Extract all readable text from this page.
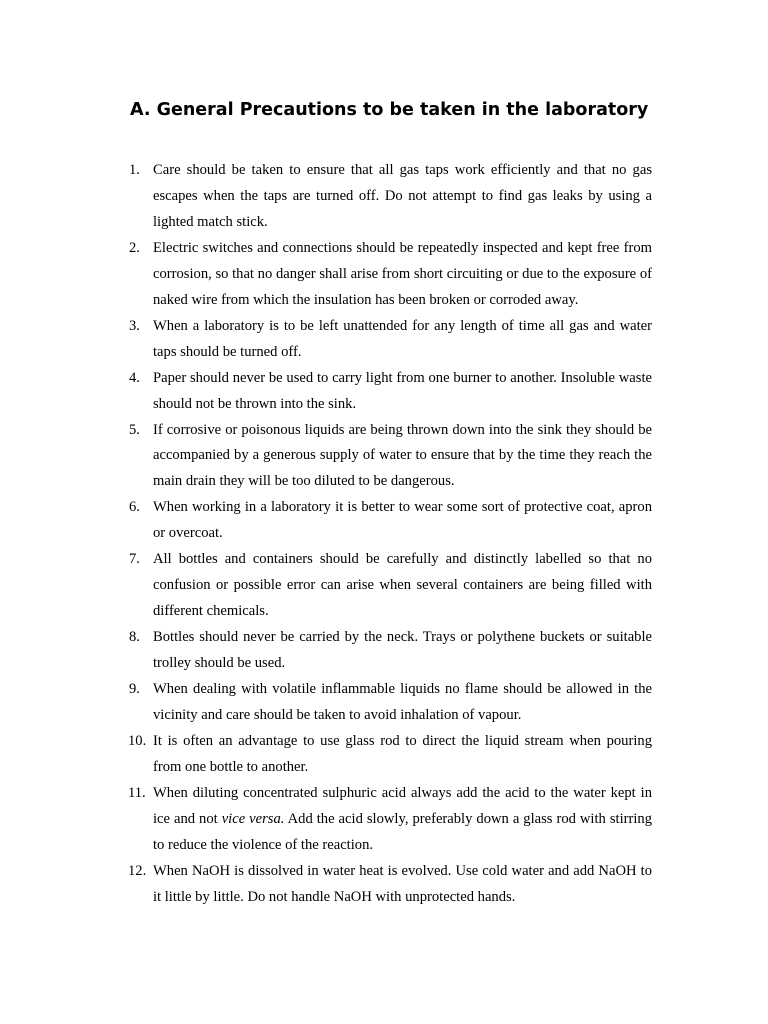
A. General Precautions to be taken in the laboratory
1. Care should be taken to ensure that all gas taps work efficiently and that no gas escapes when the taps are turned off. Do not attempt to find gas leaks by using a lighted match stick.
2. Electric switches and connections should be repeatedly inspected and kept free from corrosion, so that no danger shall arise from short circuiting or due to the exposure of naked wire from which the insulation has been broken or corroded away.
3. When a laboratory is to be left unattended for any length of time all gas and water taps should be turned off.
4. Paper should never be used to carry light from one burner to another. Insoluble waste should not be thrown into the sink.
5. If corrosive or poisonous liquids are being thrown down into the sink they should be accompanied by a generous supply of water to ensure that by the time they reach the main drain they will be too diluted to be dangerous.
6. When working in a laboratory it is better to wear some sort of protective coat, apron or overcoat.
7. All bottles and containers should be carefully and distinctly labelled so that no confusion or possible error can arise when several containers are being filled with different chemicals.
8. Bottles should never be carried by the neck. Trays or polythene buckets or suitable trolley should be used.
9. When dealing with volatile inflammable liquids no flame should be allowed in the vicinity and care should be taken to avoid inhalation of vapour.
10. It is often an advantage to use glass rod to direct the liquid stream when pouring from one bottle to another.
11. When diluting concentrated sulphuric acid always add the acid to the water kept in ice and not vice versa. Add the acid slowly, preferably down a glass rod with stirring to reduce the violence of the reaction.
12. When NaOH is dissolved in water heat is evolved. Use cold water and add NaOH to it little by little. Do not handle NaOH with unprotected hands.
